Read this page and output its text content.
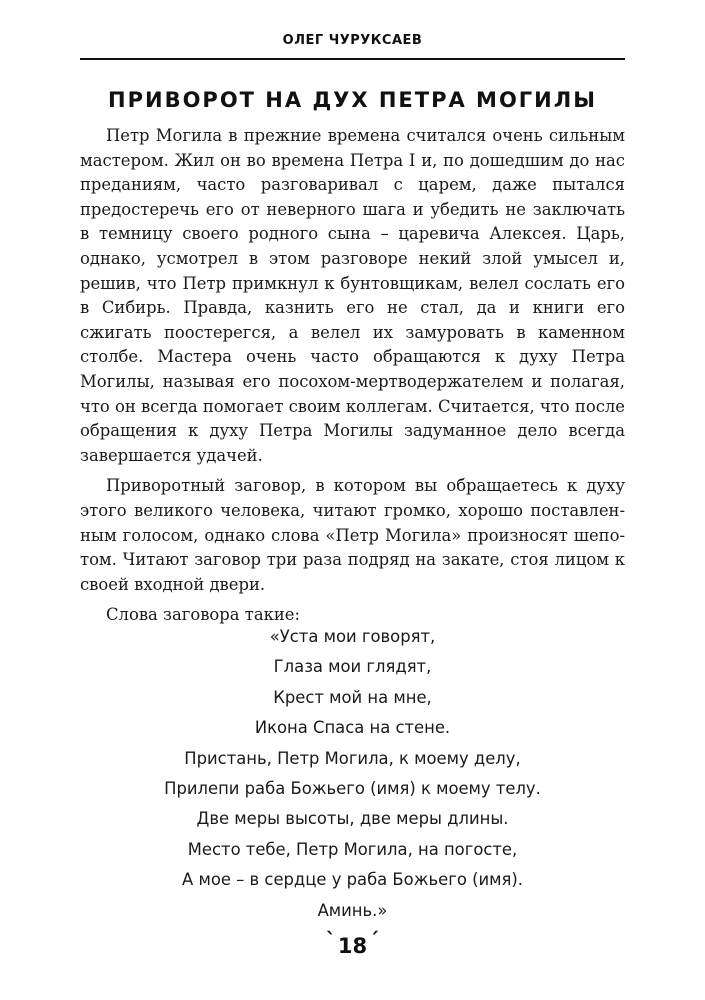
ОЛЕГ ЧУРУКСАЕВ
ПРИВОРОТ НА ДУХ ПЕТРА МОГИЛЫ

Петр Могила в прежние времена считался очень сильным мастером. Жил он во времена Петра I и, по дошедшим до нас преданиям, часто разговаривал с царем, даже пытался предостеречь его от неверного шага и убедить не заключать в темницу своего родного сына – царевича Алексея. Царь, однако, усмотрел в этом разговоре некий злой умысел и, решив, что Петр примкнул к бунтовщикам, велел сослать его в Сибирь. Правда, казнить его не стал, да и книги его сжигать поостерегся, а велел их замуровать в каменном столбе. Мастера очень часто обращаются к духу Петра Могилы, называя его посохом-мертводержателем и полагая, что он всегда помогает своим коллегам. Считается, что после обращения к духу Петра Могилы задуманное дело всегда завершается удачей.

Приворотный заговор, в котором вы обращаетесь к духу этого великого человека, читают громко, хорошо поставленным голосом, однако слова «Петр Могила» произносят шепотом. Читают заговор три раза подряд на закате, стоя лицом к своей входной двери.

Слова заговора такие:

«Уста мои говорят,
Глаза мои глядят,
Крест мой на мне,
Икона Спаса на стене.
Пристань, Петр Могила, к моему делу,
Прилепи раба Божьего (имя) к моему телу.
Две меры высоты, две меры длины.
Место тебе, Петр Могила, на погосте,
А мое – в сердце у раба Божьего (имя).
Аминь.»
`18 ´
